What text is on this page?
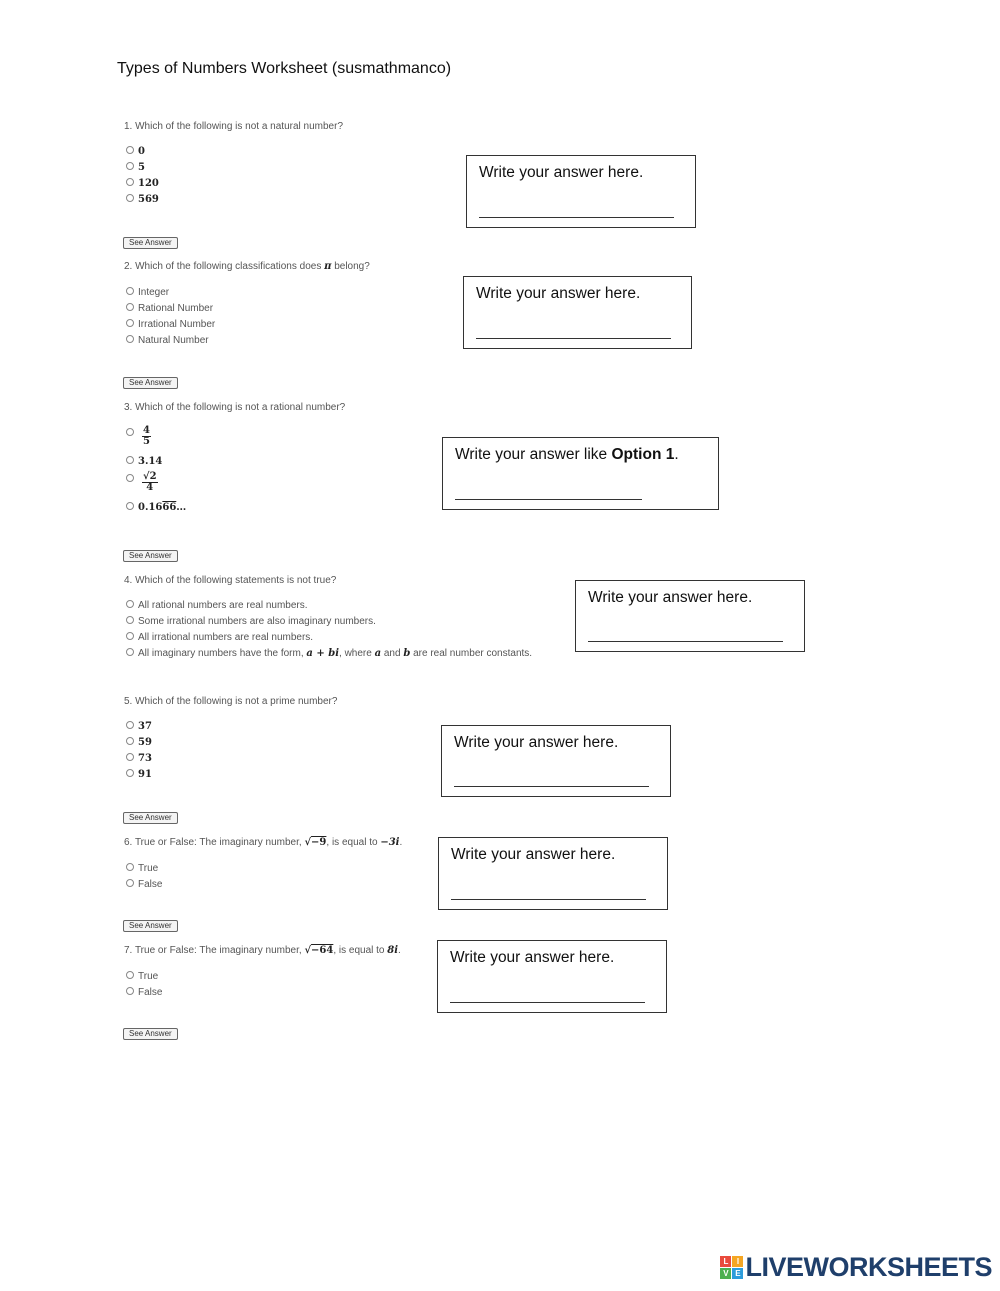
Types of Numbers Worksheet (susmathmanco)
1. Which of the following is not a natural number?
0
5
120
569
See Answer
Write your answer here.
2. Which of the following classifications does π belong?
Integer
Rational Number
Irrational Number
Natural Number
See Answer
Write your answer here.
3. Which of the following is not a rational number?
$\frac{4}{5}$
3.14
$\frac{√2}{4}$
0.1666…
See Answer
Write your answer like Option 1.
4. Which of the following statements is not true?
All rational numbers are real numbers.
Some irrational numbers are also imaginary numbers.
All irrational numbers are real numbers.
All imaginary numbers have the form, a + bi, where a and b are real number constants.
Write your answer here.
5. Which of the following is not a prime number?
37
59
73
91
See Answer
Write your answer here.
6. True or False: The imaginary number, √−9, is equal to −3i.
True
False
See Answer
Write your answer here.
7. True or False: The imaginary number, √−64, is equal to 8i.
True
False
See Answer
Write your answer here.
L	I
V E LIVEWORKSHEETS
